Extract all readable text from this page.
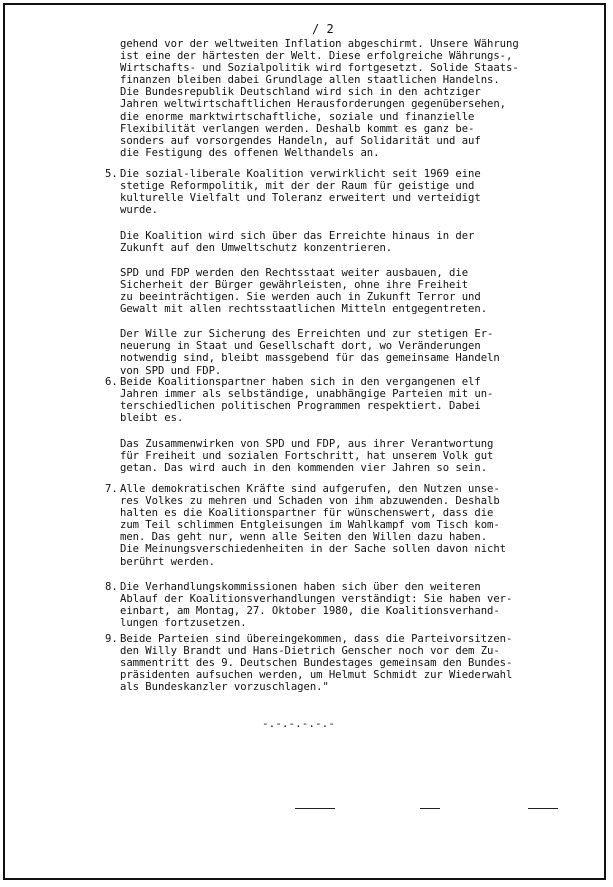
/ 2
gehend vor der weltweiten Inflation abgeschirmt. Unsere Währung
ist eine der härtesten der Welt. Diese erfolgreiche Währungs-,
Wirtschafts- und Sozialpolitik wird fortgesetzt. Solide Staats-
finanzen bleiben dabei Grundlage allen staatlichen Handelns.
Die Bundesrepublik Deutschland wird sich in den achtziger
Jahren weltwirtschaftlichen Herausforderungen gegenübersehen,
die enorme marktwirtschaftliche, soziale und finanzielle
Flexibilität verlangen werden. Deshalb kommt es ganz be-
sonders auf vorsorgendes Handeln, auf Solidarität und auf
die Festigung des offenen Welthandels an.
5. Die sozial-liberale Koalition verwirklicht seit 1969 eine
stetige Reformpolitik, mit der der Raum für geistige und
kulturelle Vielfalt und Toleranz erweitert und verteidigt
wurde.
Die Koalition wird sich über das Erreichte hinaus in der
Zukunft auf den Umweltschutz konzentrieren.
SPD und FDP werden den Rechtsstaat weiter ausbauen, die
Sicherheit der Bürger gewährleisten, ohne ihre Freiheit
zu beeinträchtigen. Sie werden auch in Zukunft Terror und
Gewalt mit allen rechtsstaatlichen Mitteln entgegentreten.
Der Wille zur Sicherung des Erreichten und zur stetigen Er-
neuerung in Staat und Gesellschaft dort, wo Veränderungen
notwendig sind, bleibt massgebend für das gemeinsame Handeln
von SPD und FDP.
6. Beide Koalitionspartner haben sich in den vergangenen elf
Jahren immer als selbständige, unabhängige Parteien mit un-
terschiedlichen politischen Programmen respektiert. Dabei
bleibt es.
Das Zusammenwirken von SPD und FDP, aus ihrer Verantwortung
für Freiheit und sozialen Fortschritt, hat unserem Volk gut
getan. Das wird auch in den kommenden vier Jahren so sein.
7. Alle demokratischen Kräfte sind aufgerufen, den Nutzen unse-
res Volkes zu mehren und Schaden von ihm abzuwenden. Deshalb
halten es die Koalitionspartner für wünschenswert, dass die
zum Teil schlimmen Entgleisungen im Wahlkampf vom Tisch kom-
men. Das geht nur, wenn alle Seiten den Willen dazu haben.
Die Meinungsverschiedenheiten in der Sache sollen davon nicht
berührt werden.
8. Die Verhandlungskommissionen haben sich über den weiteren
Ablauf der Koalitionsverhandlungen verständigt: Sie haben ver-
einbart, am Montag, 27. Oktober 1980, die Koalitionsverhand-
lungen fortzusetzen.
9. Beide Parteien sind übereingekommen, dass die Parteivorsitzen-
den Willy Brandt und Hans-Dietrich Genscher noch vor dem Zu-
sammentritt des 9. Deutschen Bundestages gemeinsam den Bundes-
präsidenten aufsuchen werden, um Helmut Schmidt zur Wiederwahl
als Bundeskanzler vorzuschlagen."
-.-.-.-.-.-
